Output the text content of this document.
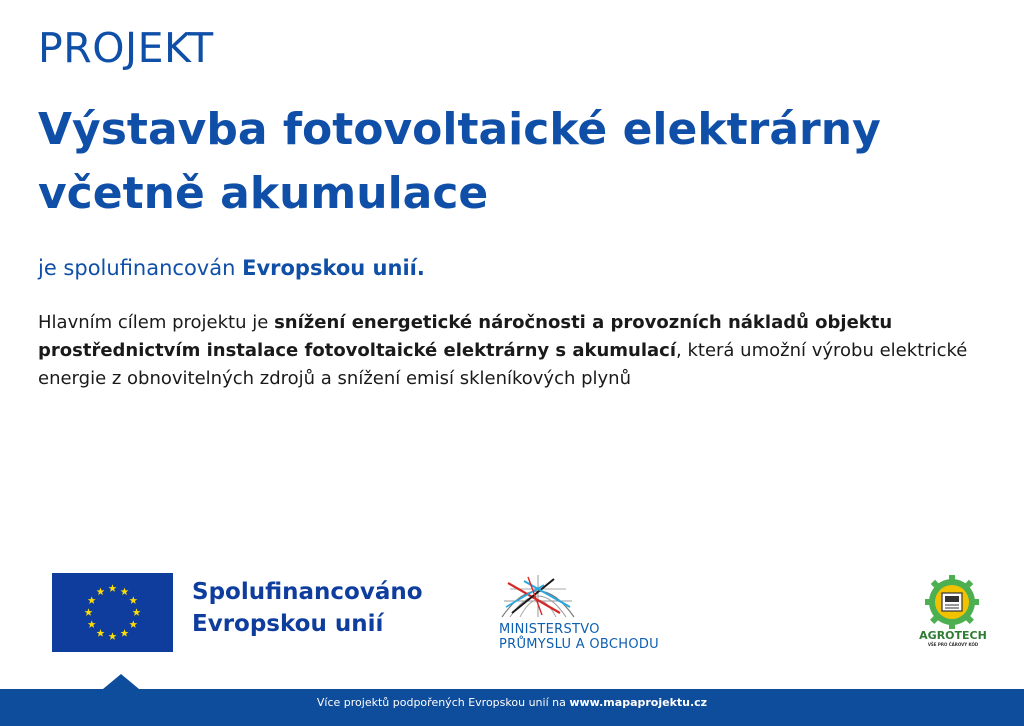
PROJEKT
Výstavba fotovoltaické elektrárny
včetně akumulace

je spolufinancován Evropskou unií.

Hlavním cílem projektu je snížení energetické náročnosti a provozních nákladů objektu prostřednictvím instalace fotovoltaické elektrárny s akumulací, která umožní výrobu elektrické energie z obnovitelných zdrojů a snížení emisí skleníkových plynů

Spolufinancováno
Evropskou unií	MINISTERSTVO
PRŮMYSLU A OBCHODU
AGROTECH
VŠE PRO ČÁROVÝ KÓD
Více projektů podpořených Evropskou unií na www.mapaprojektu.cz
